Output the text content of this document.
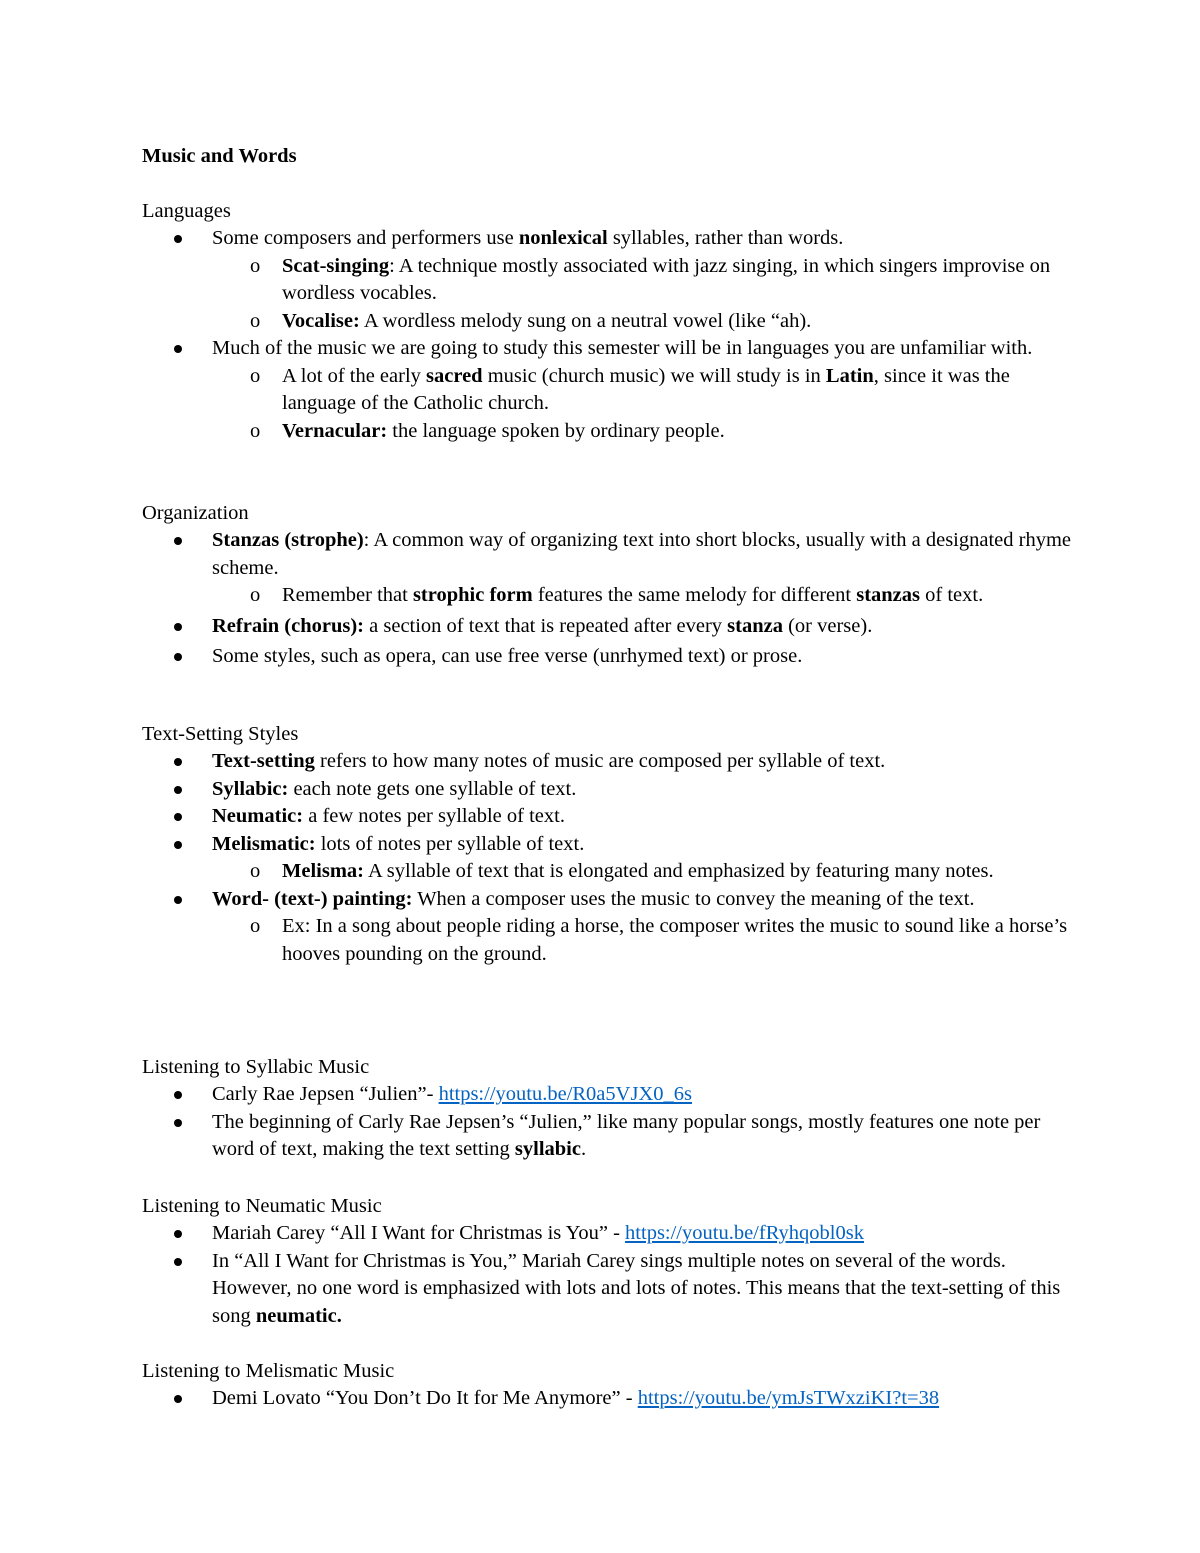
Music and Words
Languages
Some composers and performers use nonlexical syllables, rather than words.
o Scat-singing: A technique mostly associated with jazz singing, in which singers improvise on wordless vocables.
o Vocalise: A wordless melody sung on a neutral vowel (like “ah).
Much of the music we are going to study this semester will be in languages you are unfamiliar with.
o A lot of the early sacred music (church music) we will study is in Latin, since it was the language of the Catholic church.
o Vernacular: the language spoken by ordinary people.
Organization
Stanzas (strophe): A common way of organizing text into short blocks, usually with a designated rhyme scheme.
o Remember that strophic form features the same melody for different stanzas of text.
Refrain (chorus): a section of text that is repeated after every stanza (or verse).
Some styles, such as opera, can use free verse (unrhymed text) or prose.
Text-Setting Styles
Text-setting refers to how many notes of music are composed per syllable of text.
Syllabic: each note gets one syllable of text.
Neumatic: a few notes per syllable of text.
Melismatic: lots of notes per syllable of text.
o Melisma: A syllable of text that is elongated and emphasized by featuring many notes.
Word- (text-) painting: When a composer uses the music to convey the meaning of the text.
o Ex: In a song about people riding a horse, the composer writes the music to sound like a horse’s hooves pounding on the ground.
Listening to Syllabic Music
Carly Rae Jepsen “Julien”- https://youtu.be/R0a5VJX0_6s
The beginning of Carly Rae Jepsen’s “Julien,” like many popular songs, mostly features one note per word of text, making the text setting syllabic.
Listening to Neumatic Music
Mariah Carey “All I Want for Christmas is You” - https://youtu.be/fRyhqobl0sk
In “All I Want for Christmas is You,” Mariah Carey sings multiple notes on several of the words. However, no one word is emphasized with lots and lots of notes. This means that the text-setting of this song neumatic.
Listening to Melismatic Music
Demi Lovato “You Don’t Do It for Me Anymore” - https://youtu.be/ymJsTWxziKI?t=38
